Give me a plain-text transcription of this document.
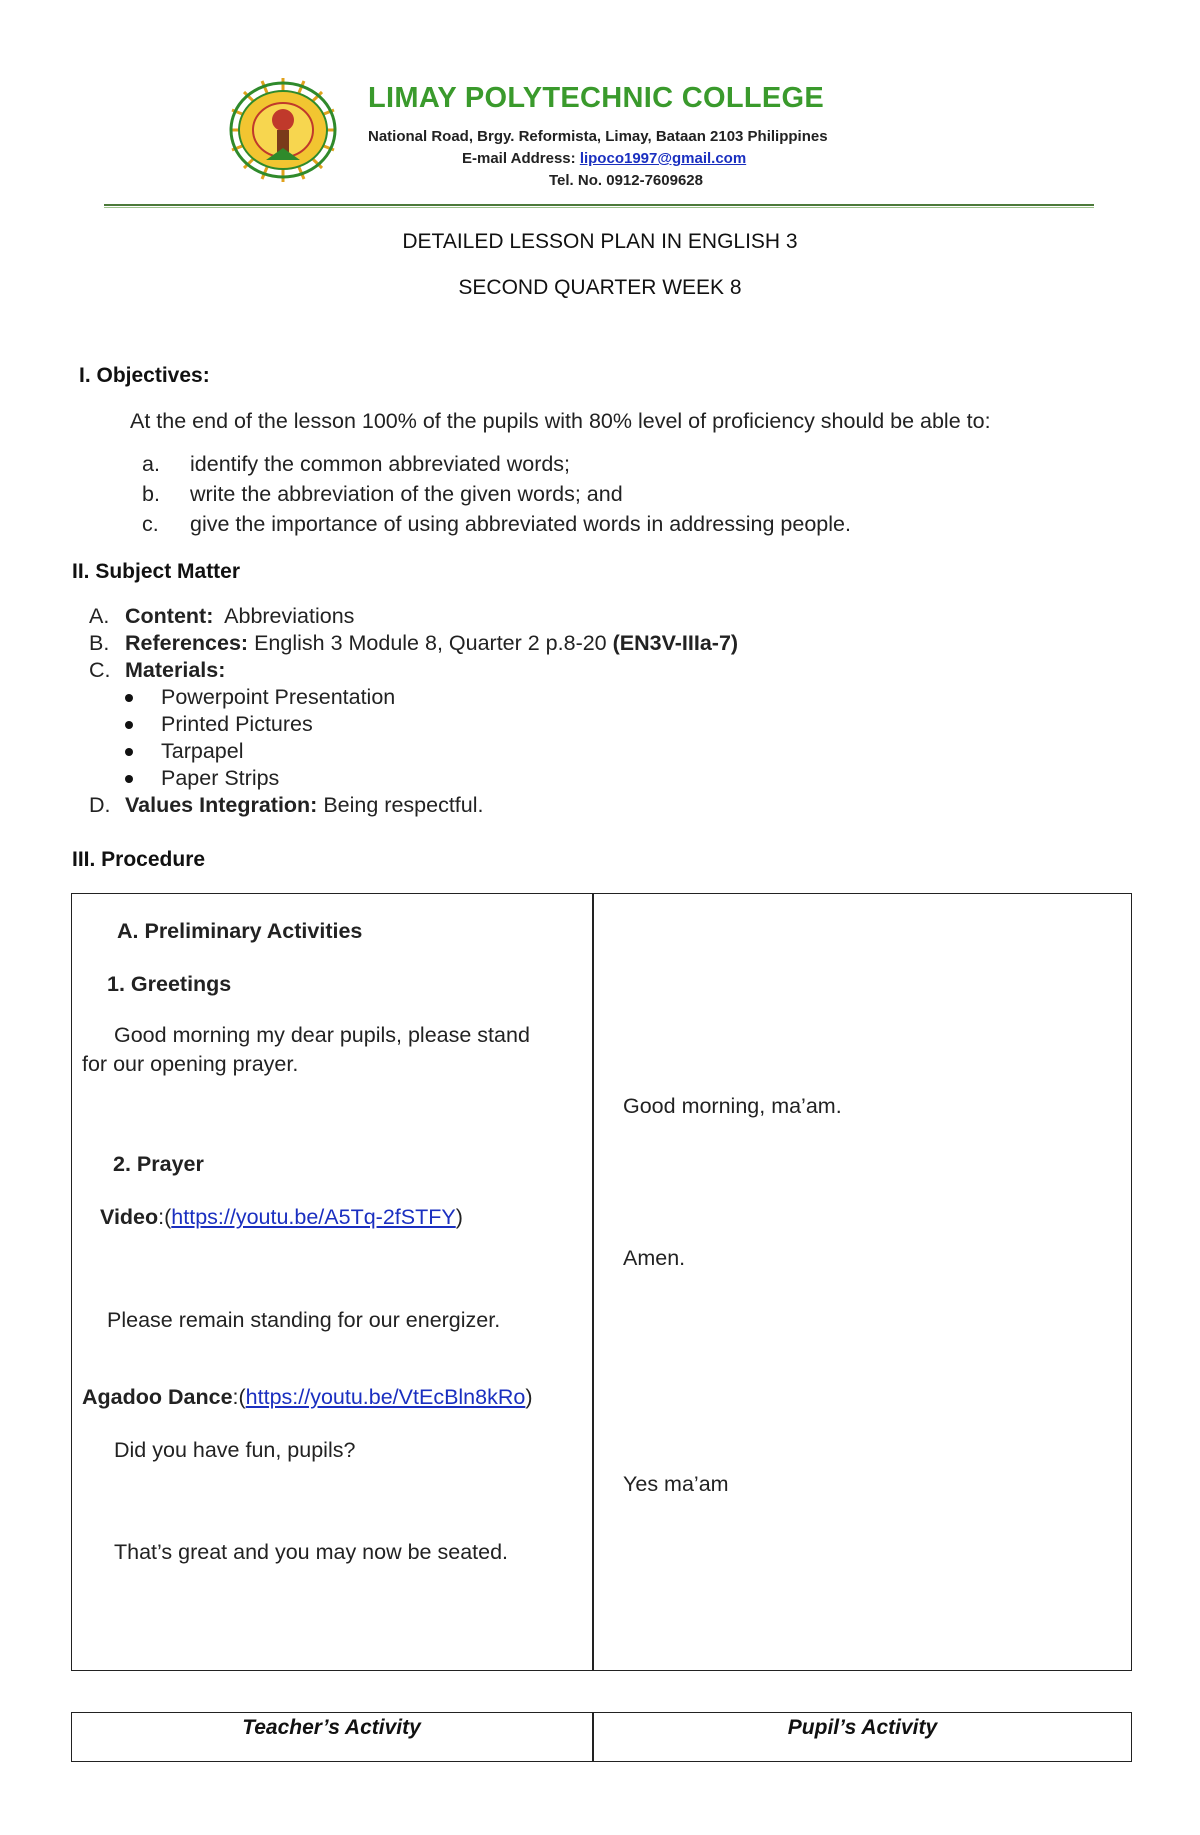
LIMAY POLYTECHNIC COLLEGE
National Road, Brgy. Reformista, Limay, Bataan 2103 Philippines
E-mail Address: lipoco1997@gmail.com
Tel. No. 0912-7609628
DETAILED LESSON PLAN IN ENGLISH 3
SECOND QUARTER WEEK 8
I. Objectives:
At the end of the lesson 100% of the pupils with 80% level of proficiency should be able to:
a. identify the common abbreviated words;
b. write the abbreviation of the given words; and
c. give the importance of using abbreviated words in addressing people.
II. Subject Matter
A. Content: Abbreviations
B. References: English 3 Module 8, Quarter 2 p.8-20 (EN3V-IIIa-7)
C. Materials:
Powerpoint Presentation
Printed Pictures
Tarpapel
Paper Strips
D. Values Integration: Being respectful.
III. Procedure
A. Preliminary Activities
1. Greetings
Good morning my dear pupils, please stand
for our opening prayer.
2. Prayer
Video:(https://youtu.be/A5Tq-2fSTFY)
Please remain standing for our energizer.
Agadoo Dance:(https://youtu.be/VtEcBln8kRo)
Did you have fun, pupils?
That’s great and you may now be seated.
Good morning, ma’am.
Amen.
Yes ma’am
Teacher’s Activity	Pupil’s Activity
